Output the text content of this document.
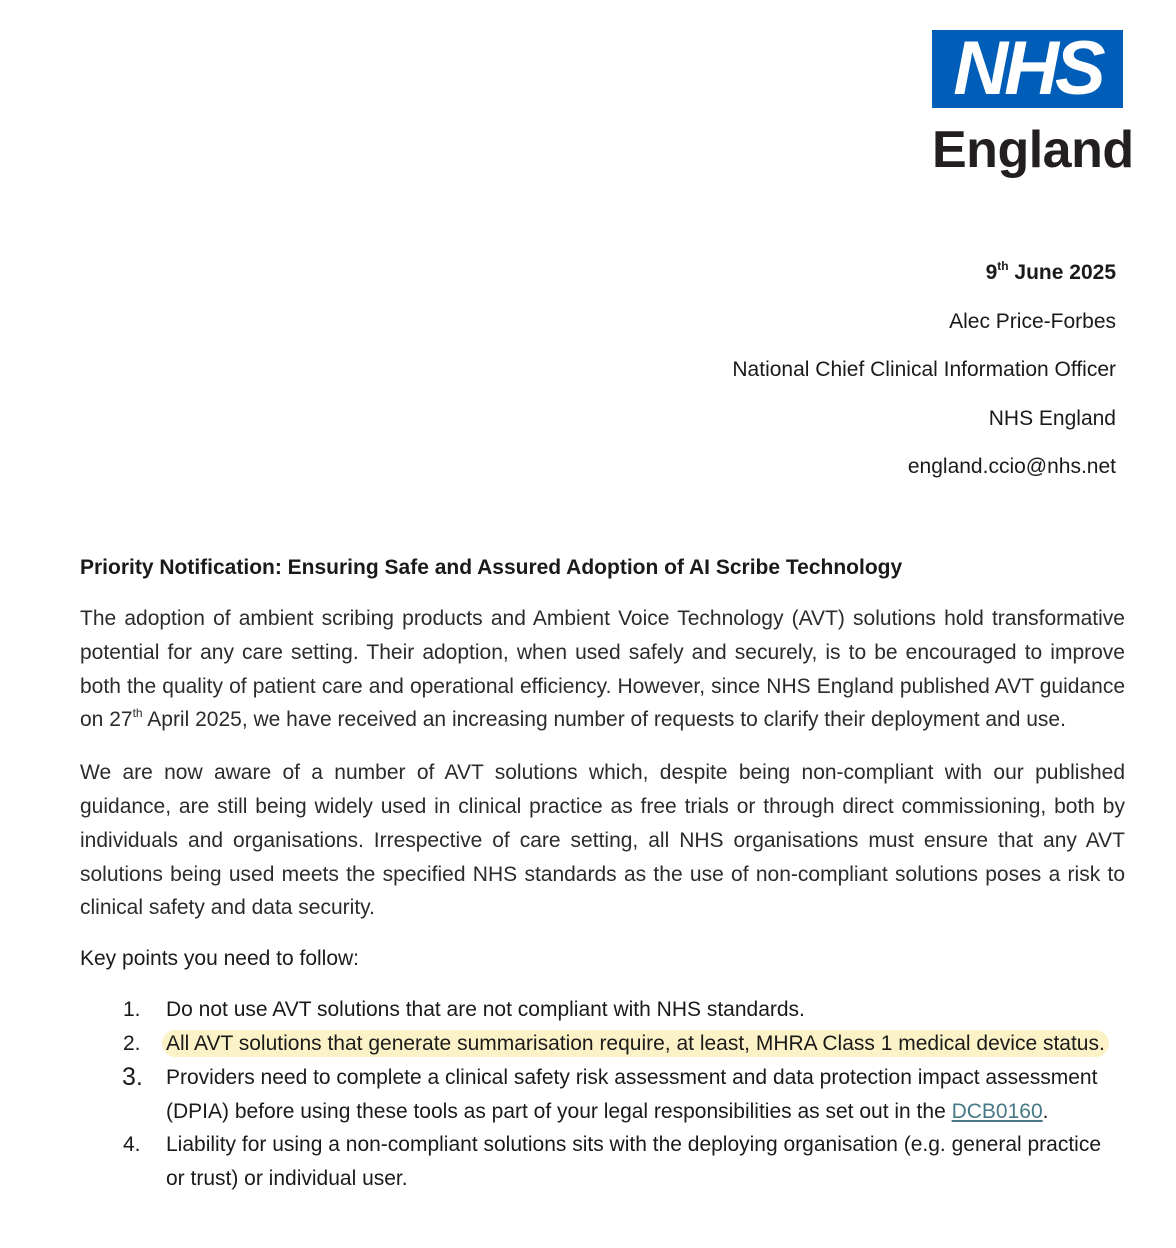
NHS
England
9th June 2025
Alec Price-Forbes
National Chief Clinical Information Officer
NHS England
england.ccio@nhs.net

Priority Notification: Ensuring Safe and Assured Adoption of AI Scribe Technology

The adoption of ambient scribing products and Ambient Voice Technology (AVT) solutions hold transformative potential for any care setting. Their adoption, when used safely and securely, is to be encouraged to improve both the quality of patient care and operational efficiency. However, since NHS England published AVT guidance on 27th April 2025, we have received an increasing number of requests to clarify their deployment and use.

We are now aware of a number of AVT solutions which, despite being non-compliant with our published guidance, are still being widely used in clinical practice as free trials or through direct commissioning, both by individuals and organisations. Irrespective of care setting, all NHS organisations must ensure that any AVT solutions being used meets the specified NHS standards as the use of non-compliant solutions poses a risk to clinical safety and data security.

Key points you need to follow:

1. Do not use AVT solutions that are not compliant with NHS standards.
2. All AVT solutions that generate summarisation require, at least, MHRA Class 1 medical device status.
3. Providers need to complete a clinical safety risk assessment and data protection impact assessment (DPIA) before using these tools as part of your legal responsibilities as set out in the DCB0160.
4. Liability for using a non-compliant solutions sits with the deploying organisation (e.g. general practice or trust) or individual user.
